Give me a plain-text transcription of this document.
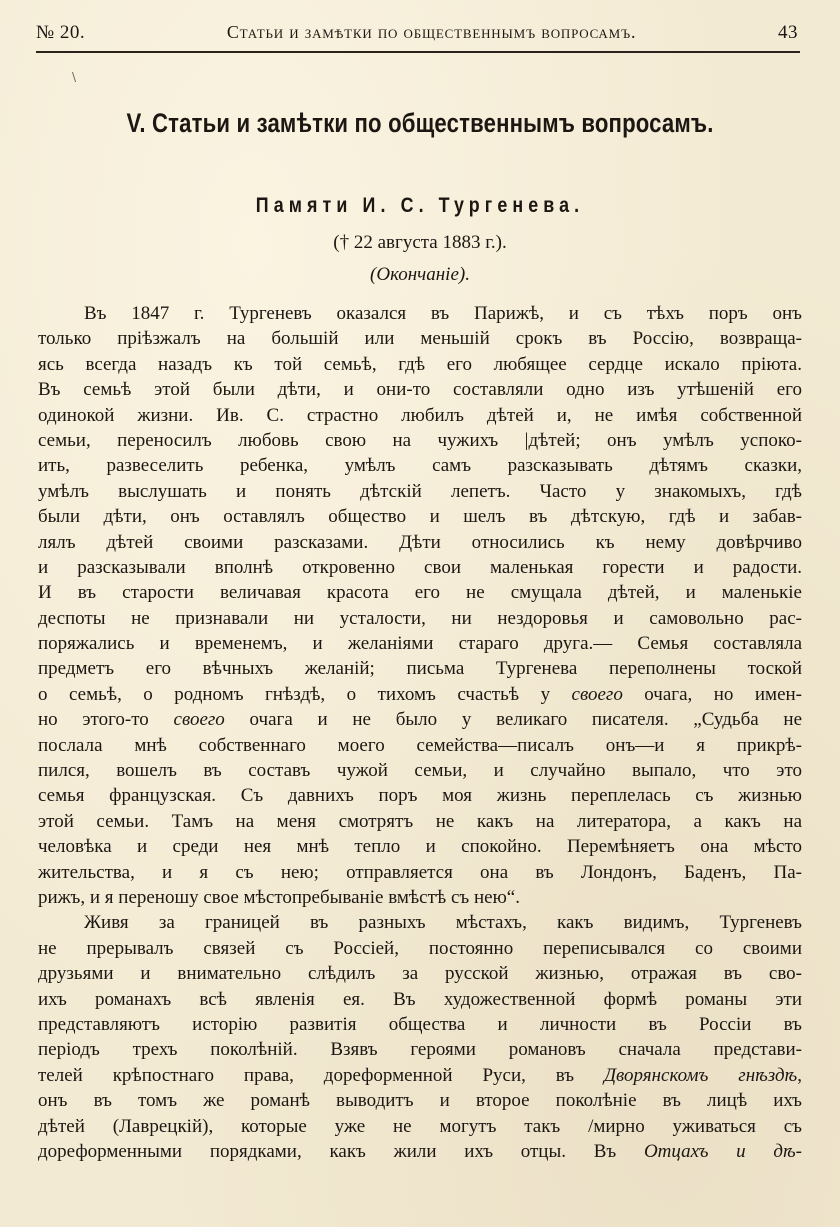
№ 20.	Статьи и замѣтки по общественнымъ вопросамъ.	43
\
V. Статьи и замѣтки по общественнымъ вопросамъ.
Памяти И. С. Тургенева.
(† 22 августа 1883 г.).
(Окончаніе).
Въ 1847 г. Тургеневъ оказался въ Парижѣ, и съ тѣхъ поръ онъ
только пріѣзжалъ на большій или меньшій срокъ въ Россію, возвраща-
ясь всегда назадъ къ той семьѣ, гдѣ его любящее сердце искало пріюта.
Въ семьѣ этой были дѣти, и они-то составляли одно изъ утѣшеній его
одинокой жизни. Ив. С. страстно любилъ дѣтей и, не имѣя собственной
семьи, переносилъ любовь свою на чужихъ |дѣтей; онъ умѣлъ успоко-
ить, развеселить ребенка, умѣлъ самъ разсказывать дѣтямъ сказки,
умѣлъ выслушать и понять дѣтскій лепетъ. Часто у знакомыхъ, гдѣ
были дѣти, онъ оставлялъ общество и шелъ въ дѣтскую, гдѣ и забав-
лялъ дѣтей своими разсказами. Дѣти относились къ нему довѣрчиво
и разсказывали вполнѣ откровенно свои маленькая горести и радости.
И въ старости величавая красота его не смущала дѣтей, и маленькіе
деспоты не признавали ни усталости, ни нездоровья и самовольно рас-
поряжались и временемъ, и желаніями стараго друга.— Семья составляла
предметъ его вѣчныхъ желаній; письма Тургенева переполнены тоской
о семьѣ, о родномъ гнѣздѣ, о тихомъ счастьѣ у своего очага, но имен-
но этого-то своего очага и не было у великаго писателя. „Судьба не
послала мнѣ собственнаго моего семейства—писалъ онъ—и я прикрѣ-
пился, вошелъ въ составъ чужой семьи, и случайно выпало, что это
семья французская. Съ давнихъ поръ моя жизнь переплелась съ жизнью
этой семьи. Тамъ на меня смотрятъ не какъ на литератора, а какъ на
человѣка и среди нея мнѣ тепло и спокойно. Перемѣняетъ она мѣсто
жительства, и я съ нею; отправляется она въ Лондонъ, Баденъ, Па-
рижъ, и я переношу свое мѣстопребываніе вмѣстѣ съ нею“.
Живя за границей въ разныхъ мѣстахъ, какъ видимъ, Тургеневъ
не прерывалъ связей съ Россіей, постоянно переписывался со своими
друзьями и внимательно слѣдилъ за русской жизнью, отражая въ сво-
ихъ романахъ всѣ явленія ея. Въ художественной формѣ романы эти
представляютъ исторію развитія общества и личности въ Россіи въ
періодъ трехъ поколѣній. Взявъ героями романовъ сначала представи-
телей крѣпостнаго права, дореформенной Руси, въ Дворянскомъ гнѣздѣ,
онъ въ томъ же романѣ выводитъ и второе поколѣніе въ лицѣ ихъ
дѣтей (Лаврецкій), которые уже не могутъ такъ /мирно уживаться съ
дореформенными порядками, какъ жили ихъ отцы. Въ Отцахъ и дѣ-
